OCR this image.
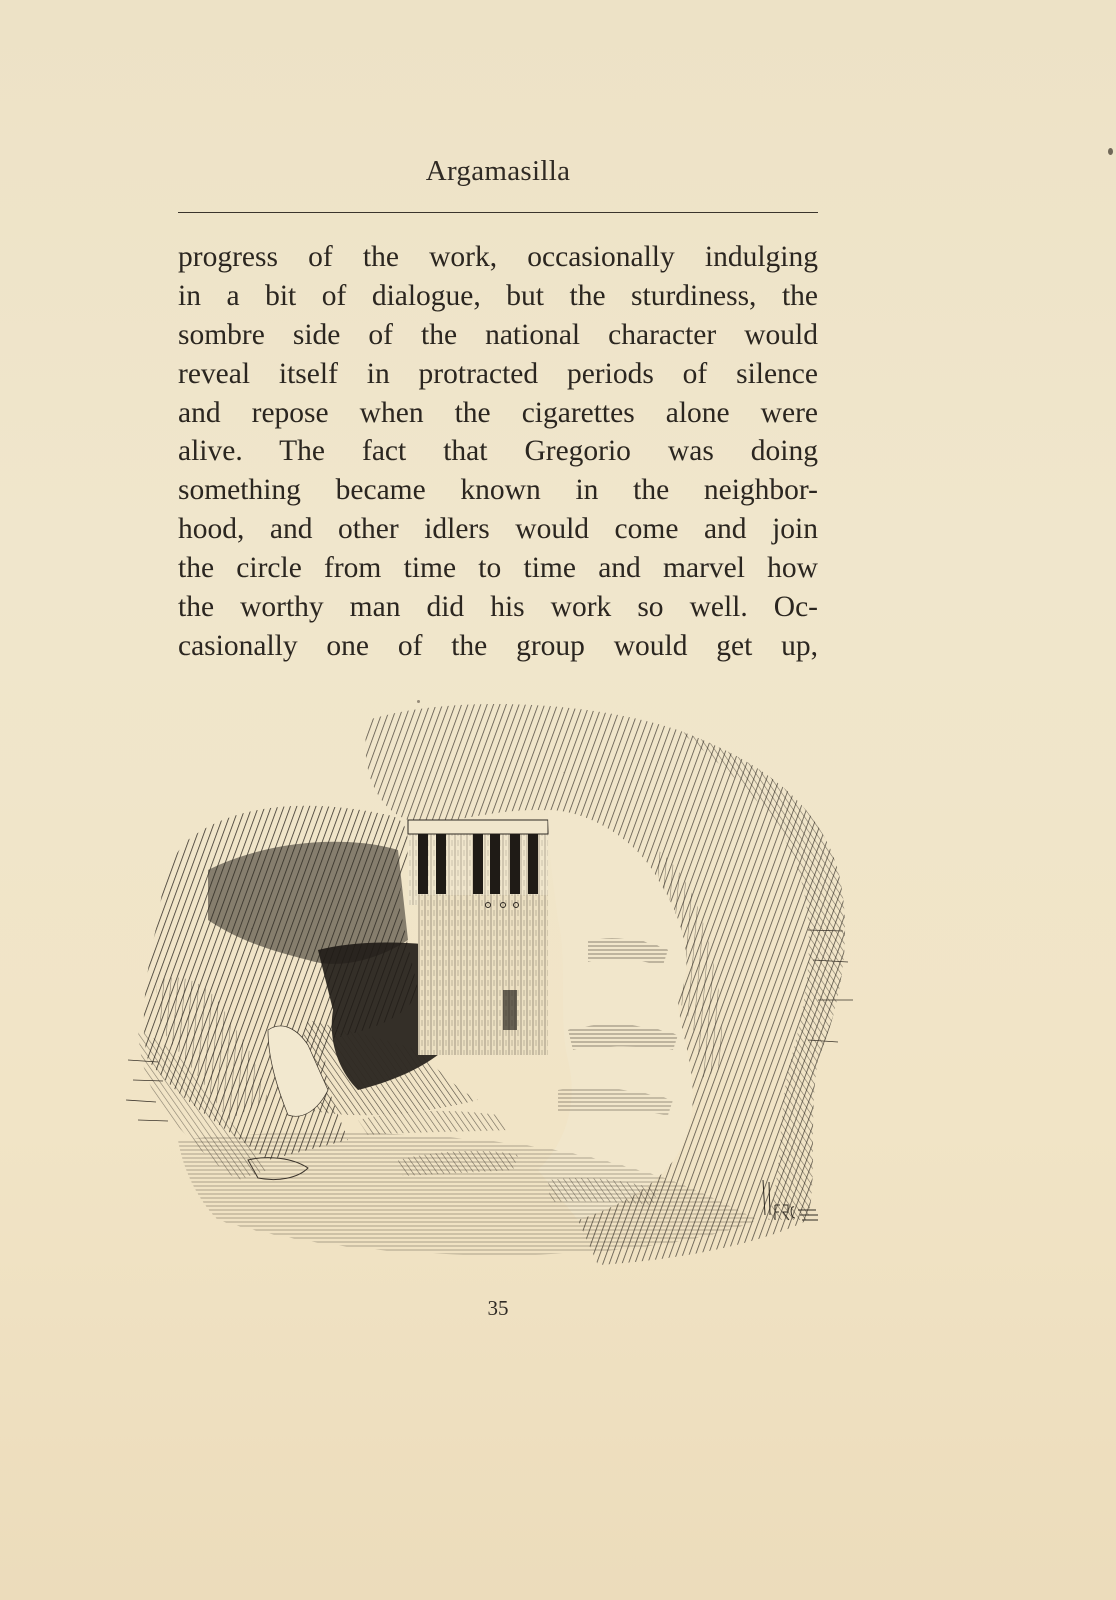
Argamasilla
progress of the work, occasionally indulging
in a bit of dialogue, but the sturdiness, the
sombre side of the national character would
reveal itself in protracted periods of silence
and repose when the cigarettes alone were
alive. The fact that Gregorio was doing
something became known in the neighbor-
hood, and other idlers would come and join
the circle from time to time and marvel how
the worthy man did his work so well. Oc-
casionally one of the group would get up,
35
